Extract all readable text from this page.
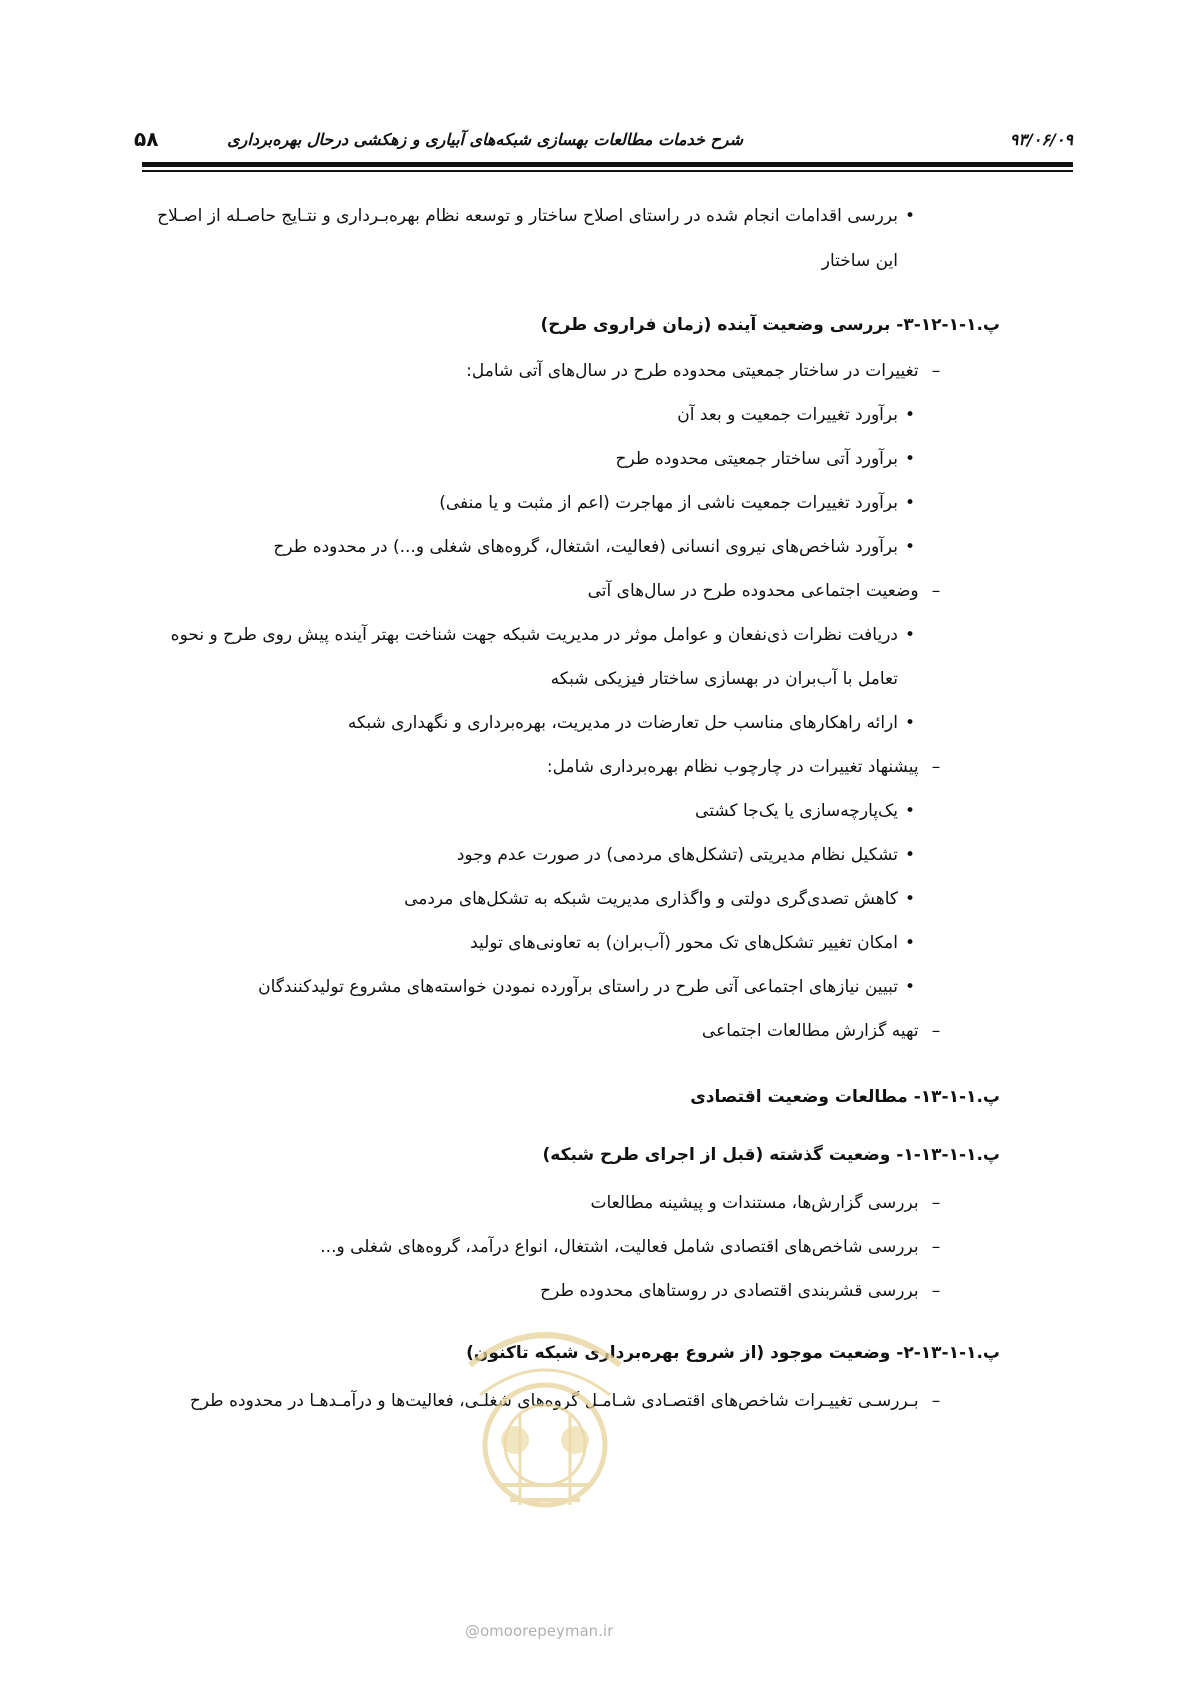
۹۳/۰۶/۰۹
شرح خدمات مطالعات بهسازی شبکه‌های آبیاری و زهکشی درحال بهره‌برداری
۵۸
•بررسی اقدامات انجام شده در راستای اصلاح ساختار و توسعه نظام بهره‌بـرداری و نتـایج حاصـله از اصـلاح
این ساختار
پ.۱-۱-۱۲-۳- بررسی وضعیت آینده (زمان فراروی طرح)
– تغییرات در ساختار جمعیتی محدوده طرح در سال‌های آتی شامل:
•برآورد تغییرات جمعیت و بعد آن
•برآورد آتی ساختار جمعیتی محدوده طرح
•برآورد تغییرات جمعیت ناشی از مهاجرت (اعم از مثبت و یا منفی)
•برآورد شاخص‌های نیروی انسانی (فعالیت، اشتغال، گروه‌های شغلی و...) در محدوده طرح
– وضعیت اجتماعی محدوده طرح در سال‌های آتی
•دریافت نظرات ذی‌نفعان و عوامل موثر در مدیریت شبکه جهت شناخت بهتر آینده پیش روی طرح و نحوه
تعامل با آب‌بران در بهسازی ساختار فیزیکی شبکه
•ارائه راهکارهای مناسب حل تعارضات در مدیریت، بهره‌برداری و نگهداری شبکه
– پیشنهاد تغییرات در چارچوب نظام بهره‌برداری شامل:
•یک‌پارچه‌سازی یا یک‌جا کشتی
•تشکیل نظام مدیریتی (تشکل‌های مردمی) در صورت عدم وجود
•کاهش تصدی‌گری دولتی و واگذاری مدیریت شبکه به تشکل‌های مردمی
•امکان تغییر تشکل‌های تک محور (آب‌بران) به تعاونی‌های تولید
•تبیین نیازهای اجتماعی آتی طرح در راستای برآورده نمودن خواسته‌های مشروع تولیدکنندگان
– تهیه گزارش مطالعات اجتماعی
پ.۱-۱-۱۳- مطالعات وضعیت اقتصادی
پ.۱-۱-۱۳-۱- وضعیت گذشته (قبل از اجرای طرح شبکه)
– بررسی گزارش‌ها، مستندات و پیشینه مطالعات
– بررسی شاخص‌های اقتصادی شامل فعالیت، اشتغال، انواع درآمد، گروه‌های شغلی و...
– بررسی قشربندی اقتصادی در روستاهای محدوده طرح
پ.۱-۱-۱۳-۲- وضعیت موجود (از شروع بهره‌برداری شبکه تاکنون)
– بـررسـی تغییـرات شاخص‌های اقتصـادی شـامـل گروه‌های شغلـی، فعالیت‌ها و درآمـدهـا در محدوده طرح
@omoorepeyman.ir
